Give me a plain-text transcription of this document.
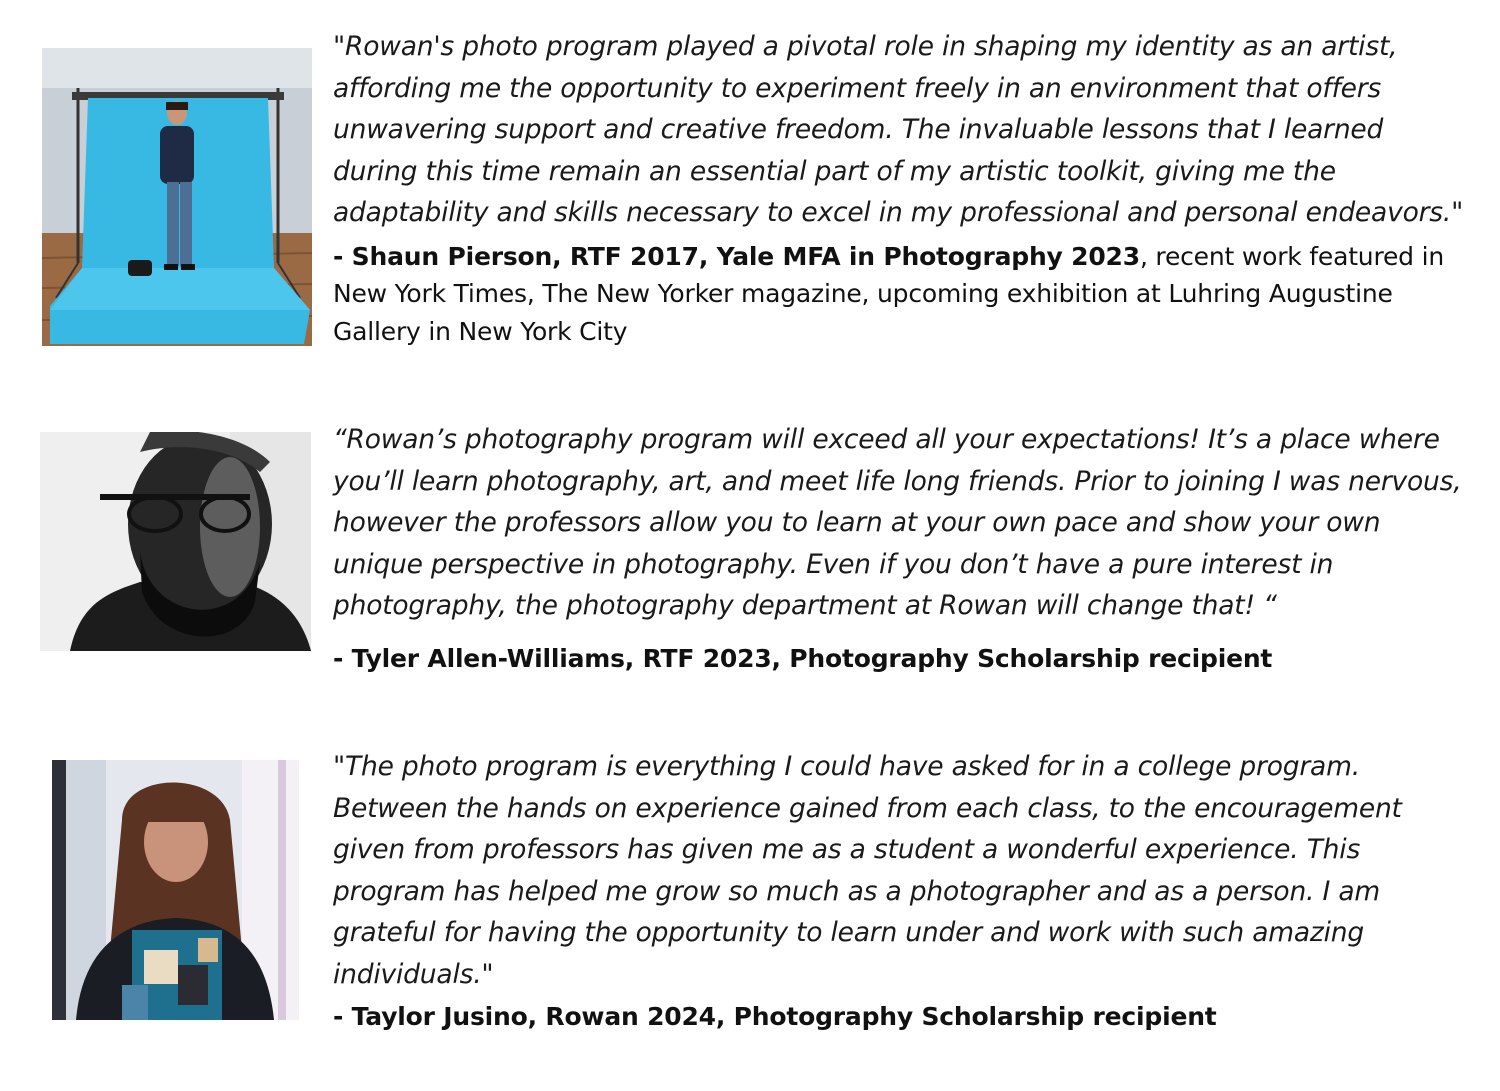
"Rowan's photo program played a pivotal role in shaping my identity as an artist, affording me the opportunity to experiment freely in an environment that offers unwavering support and creative freedom. The invaluable lessons that I learned during this time remain an essential part of my artistic toolkit, giving me the adaptability and skills necessary to excel in my professional and personal endeavors."

- Shaun Pierson, RTF 2017, Yale MFA in Photography 2023, recent work featured in New York Times, The New Yorker magazine, upcoming exhibition at Luhring Augustine Gallery in New York City

“Rowan’s photography program will exceed all your expectations! It’s a place where you’ll learn photography, art, and meet life long friends. Prior to joining I was nervous, however the professors allow you to learn at your own pace and show your own unique perspective in photography. Even if you don’t have a pure interest in photography, the photography department at Rowan will change that! “

- Tyler Allen-Williams, RTF 2023, Photography Scholarship recipient

"The photo program is everything I could have asked for in a college program. Between the hands on experience gained from each class, to the encouragement given from professors has given me as a student a wonderful experience. This program has helped me grow so much as a photographer and as a person. I am grateful for having the opportunity to learn under and work with such amazing individuals."

- Taylor Jusino, Rowan 2024, Photography Scholarship recipient
